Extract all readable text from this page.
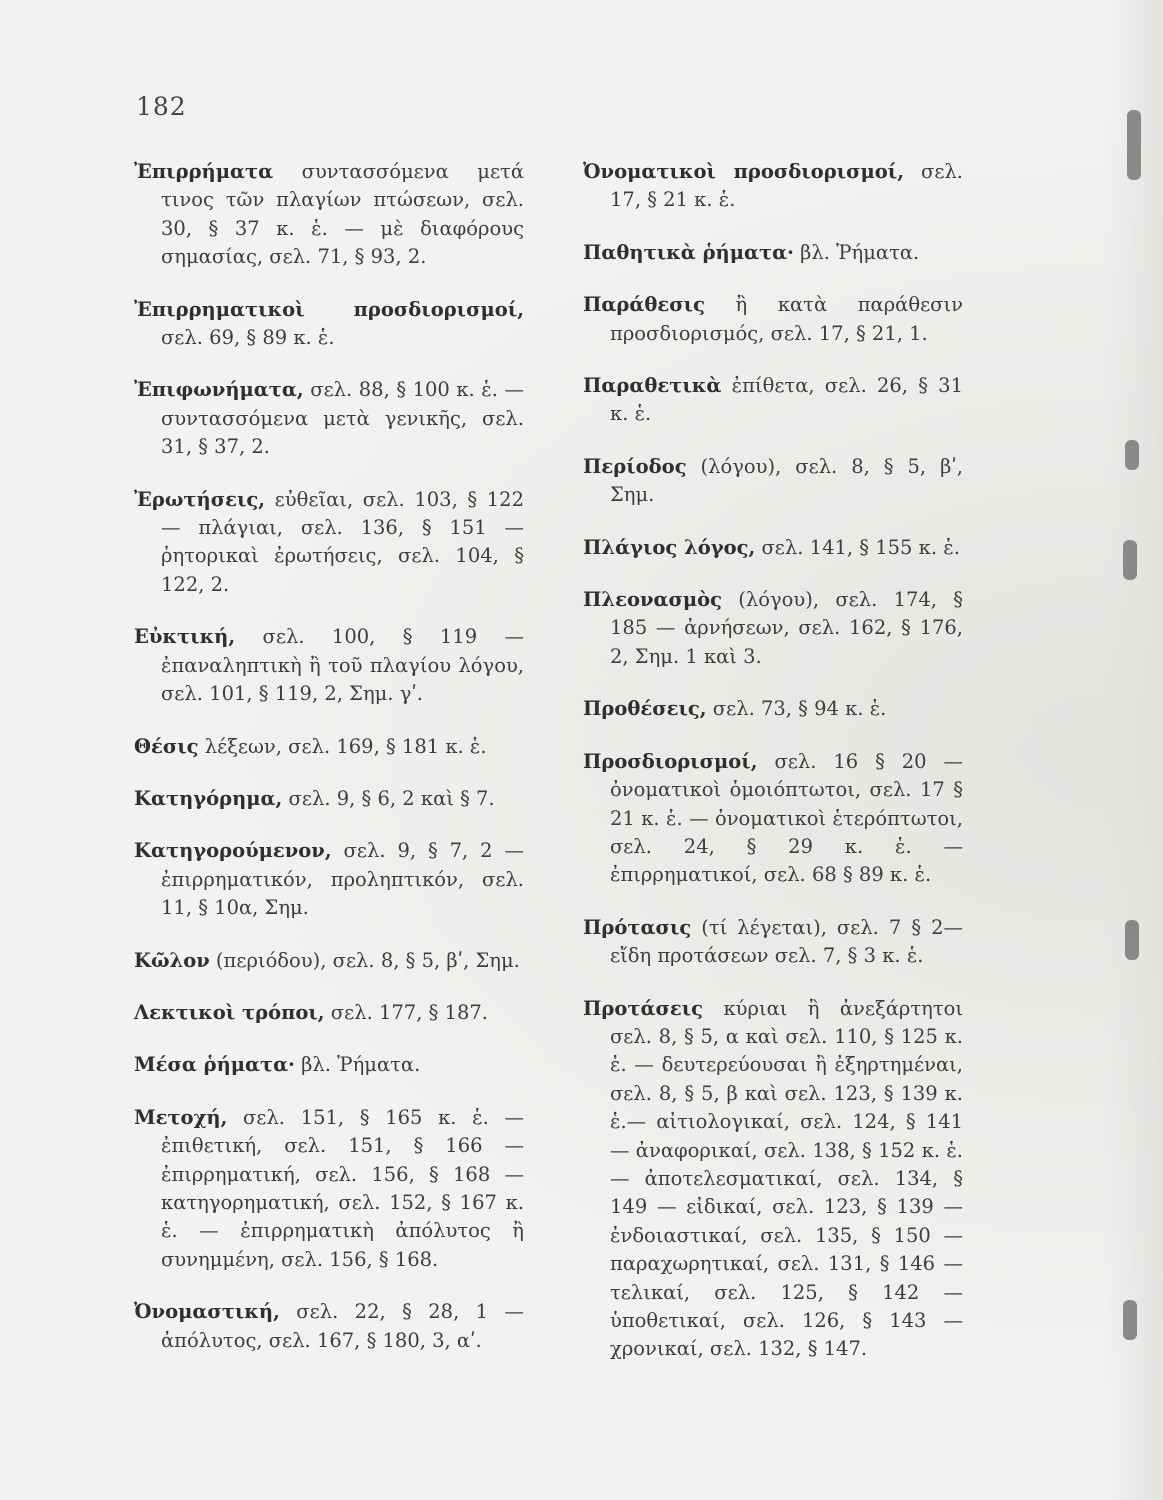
182

Ἐπιρρήματα συντασσόμενα μετά τινος τῶν πλαγίων πτώσεων, σελ. 30, § 37 κ. ἑ. — μὲ διαφόρους σημασίας, σελ. 71, § 93, 2.

Ἐπιρρηματικοὶ προσδιορισμοί, σελ. 69, § 89 κ. ἑ.

Ἐπιφωνήματα, σελ. 88, § 100 κ. ἑ. — συντασσόμενα μετὰ γενικῆς, σελ. 31, § 37, 2.

Ἐρωτήσεις, εὐθεῖαι, σελ. 103, § 122 — πλάγιαι, σελ. 136, § 151 — ῥητορικαὶ ἐρωτήσεις, σελ. 104, § 122, 2.

Εὐκτική, σελ. 100, § 119 — ἐπαναληπτικὴ ἢ τοῦ πλαγίου λόγου, σελ. 101, § 119, 2, Σημ. γʹ.

Θέσις λέξεων, σελ. 169, § 181 κ. ἑ.

Κατηγόρημα, σελ. 9, § 6, 2 καὶ § 7.

Κατηγορούμενον, σελ. 9, § 7, 2 — ἐπιρρηματικόν, προληπτικόν, σελ. 11, § 10α, Σημ.

Κῶλον (περιόδου), σελ. 8, § 5, βʹ, Σημ.

Λεκτικοὶ τρόποι, σελ. 177, § 187.

Μέσα ῥήματα· βλ. Ῥήματα.

Μετοχή, σελ. 151, § 165 κ. ἑ. — ἐπιθετική, σελ. 151, § 166 — ἐπιρρηματική, σελ. 156, § 168 — κατηγορηματική, σελ. 152, § 167 κ. ἑ. — ἐπιρρηματικὴ ἀπόλυτος ἢ συνημμένη, σελ. 156, § 168.

Ὀνομαστική, σελ. 22, § 28, 1 — ἀπόλυτος, σελ. 167, § 180, 3, αʹ.

Ὀνοματικοὶ προσδιορισμοί, σελ. 17, § 21 κ. ἑ.

Παθητικὰ ῥήματα· βλ. Ῥήματα.

Παράθεσις ἢ κατὰ παράθεσιν προσδιορισμός, σελ. 17, § 21, 1.

Παραθετικὰ ἐπίθετα, σελ. 26, § 31 κ. ἑ.

Περίοδος (λόγου), σελ. 8, § 5, βʹ, Σημ.

Πλάγιος λόγος, σελ. 141, § 155 κ. ἑ.

Πλεονασμὸς (λόγου), σελ. 174, § 185 — ἀρνήσεων, σελ. 162, § 176, 2, Σημ. 1 καὶ 3.

Προθέσεις, σελ. 73, § 94 κ. ἑ.

Προσδιορισμοί, σελ. 16 § 20 — ὀνοματικοὶ ὁμοιόπτωτοι, σελ. 17 § 21 κ. ἑ. — ὀνοματικοὶ ἑτερόπτωτοι, σελ. 24, § 29 κ. ἑ. — ἐπιρρηματικοί, σελ. 68 § 89 κ. ἑ.

Πρότασις (τί λέγεται), σελ. 7 § 2— εἴδη προτάσεων σελ. 7, § 3 κ. ἑ.

Προτάσεις κύριαι ἢ ἀνεξάρτητοι σελ. 8, § 5, α καὶ σελ. 110, § 125 κ. ἑ. — δευτερεύουσαι ἢ ἐξηρτημέναι, σελ. 8, § 5, β καὶ σελ. 123, § 139 κ. ἑ.— αἰτιολογικαί, σελ. 124, § 141 — ἀναφορικαί, σελ. 138, § 152 κ. ἑ. — ἀποτελεσματικαί, σελ. 134, § 149 — εἰδικαί, σελ. 123, § 139 — ἐνδοιαστικαί, σελ. 135, § 150 — παραχωρητικαί, σελ. 131, § 146 — τελικαί, σελ. 125, § 142 — ὑποθετικαί, σελ. 126, § 143 — χρονικαί, σελ. 132, § 147.
